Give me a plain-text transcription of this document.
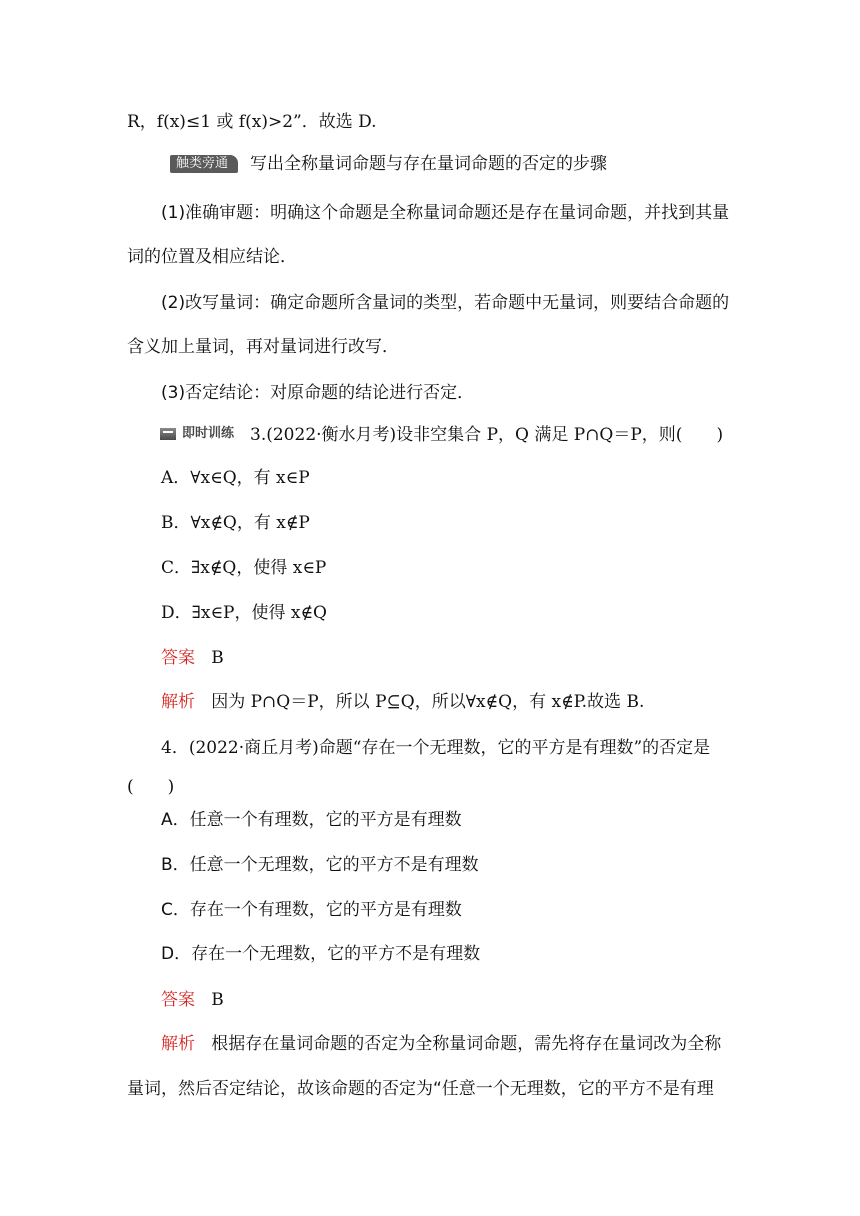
R，f(x)≤1 或 f(x)>2”．故选 D.
触类旁通 写出全称量词命题与存在量词命题的否定的步骤
(1)准确审题：明确这个命题是全称量词命题还是存在量词命题，并找到其量
词的位置及相应结论．
(2)改写量词：确定命题所含量词的类型，若命题中无量词，则要结合命题的
含义加上量词，再对量词进行改写．
(3)否定结论：对原命题的结论进行否定．
即时训练 3.(2022·衡水月考)设非空集合 P，Q 满足 P∩Q＝P，则(　　)
A．∀x∈Q，有 x∈P
B．∀x∉Q，有 x∉P
C．∃x∉Q，使得 x∈P
D．∃x∈P，使得 x∉Q
答案 B
解析 因为 P∩Q＝P，所以 P⊆Q，所以∀x∉Q，有 x∉P.故选 B.
4．(2022·商丘月考)命题“存在一个无理数，它的平方是有理数”的否定是
(　　)
A．任意一个有理数，它的平方是有理数
B．任意一个无理数，它的平方不是有理数
C．存在一个有理数，它的平方是有理数
D．存在一个无理数，它的平方不是有理数
答案 B
解析 根据存在量词命题的否定为全称量词命题，需先将存在量词改为全称
量词，然后否定结论，故该命题的否定为“任意一个无理数，它的平方不是有理
